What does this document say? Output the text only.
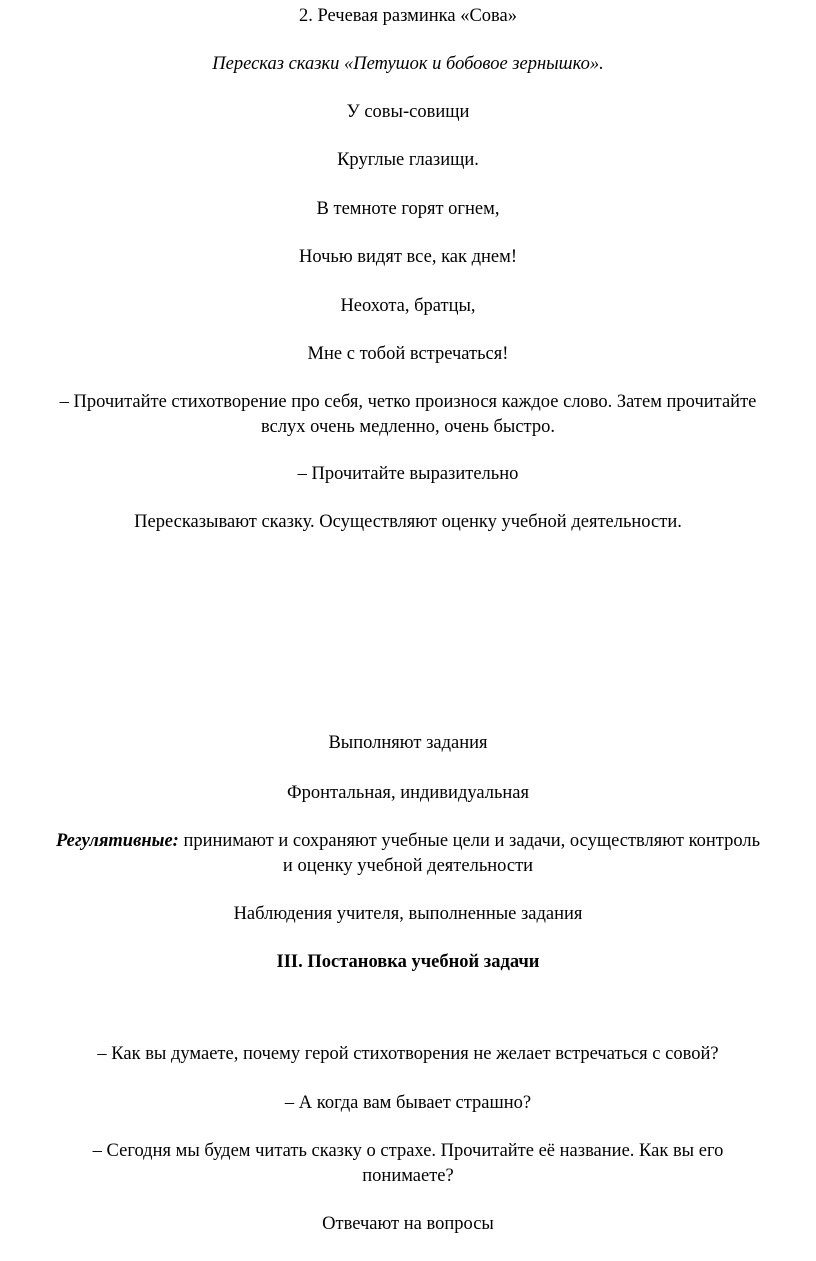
2. Речевая разминка «Сова»
Пересказ сказки «Петушок и бобовое зернышко».
У совы-совищи
Круглые глазищи.
В темноте горят огнем,
Ночью видят все, как днем!
Неохота, братцы,
Мне с тобой встречаться!
– Прочитайте стихотворение про себя, четко произнося каждое слово. Затем прочитайте
вслух очень медленно, очень быстро.
– Прочитайте выразительно
Пересказывают сказку. Осуществляют оценку учебной деятельности.
Выполняют задания
Фронтальная, индивидуальная
Регулятивные: принимают и сохраняют учебные цели и задачи, осуществляют контроль
и оценку учебной деятельности
Наблюдения учителя, выполненные задания
III. Постановка учебной задачи
– Как вы думаете, почему герой стихотворения не желает встречаться с совой?
– А когда вам бывает страшно?
– Сегодня мы будем читать сказку о страхе. Прочитайте её название. Как вы его
понимаете?
Отвечают на вопросы
